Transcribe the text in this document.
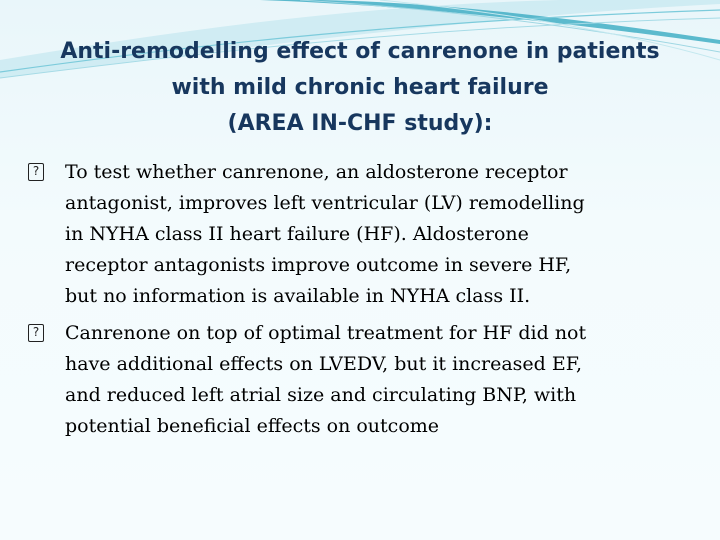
Anti-remodelling effect of canrenone in patients
with mild chronic heart failure
(AREA IN-CHF study):
? To test whether canrenone, an aldosterone receptor
antagonist, improves left ventricular (LV) remodelling
in NYHA class II heart failure (HF). Aldosterone
receptor antagonists improve outcome in severe HF,
but no information is available in NYHA class II.
? Canrenone on top of optimal treatment for HF did not
have additional effects on LVEDV, but it increased EF,
and reduced left atrial size and circulating BNP, with
potential beneficial effects on outcome
